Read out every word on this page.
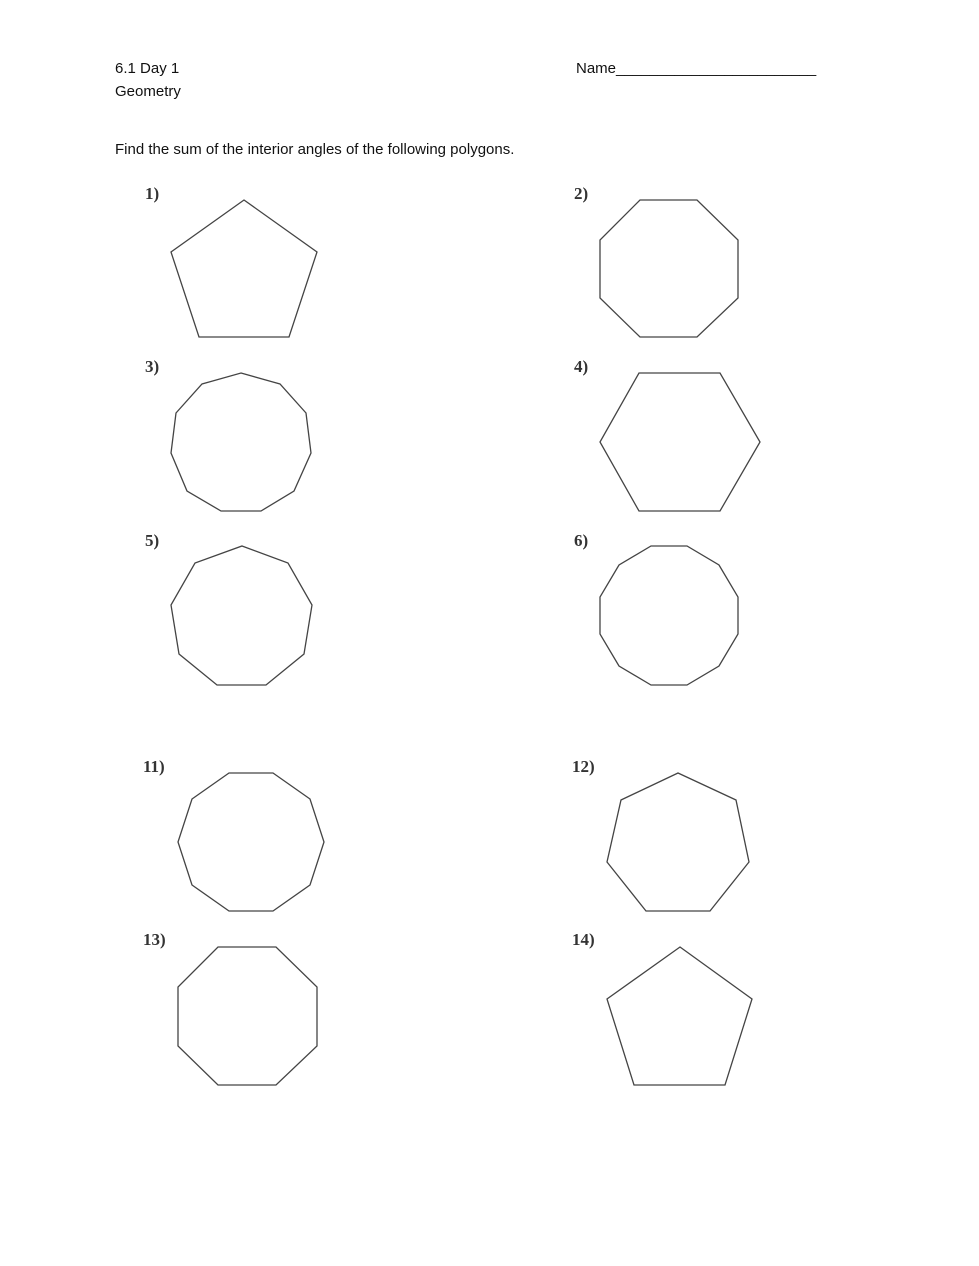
6.1 Day 1
Geometry
Name________________________
Find the sum of the interior angles of the following polygons.
1)	2)
3)	4)
5)	6)
11)	12)
13)	14)
